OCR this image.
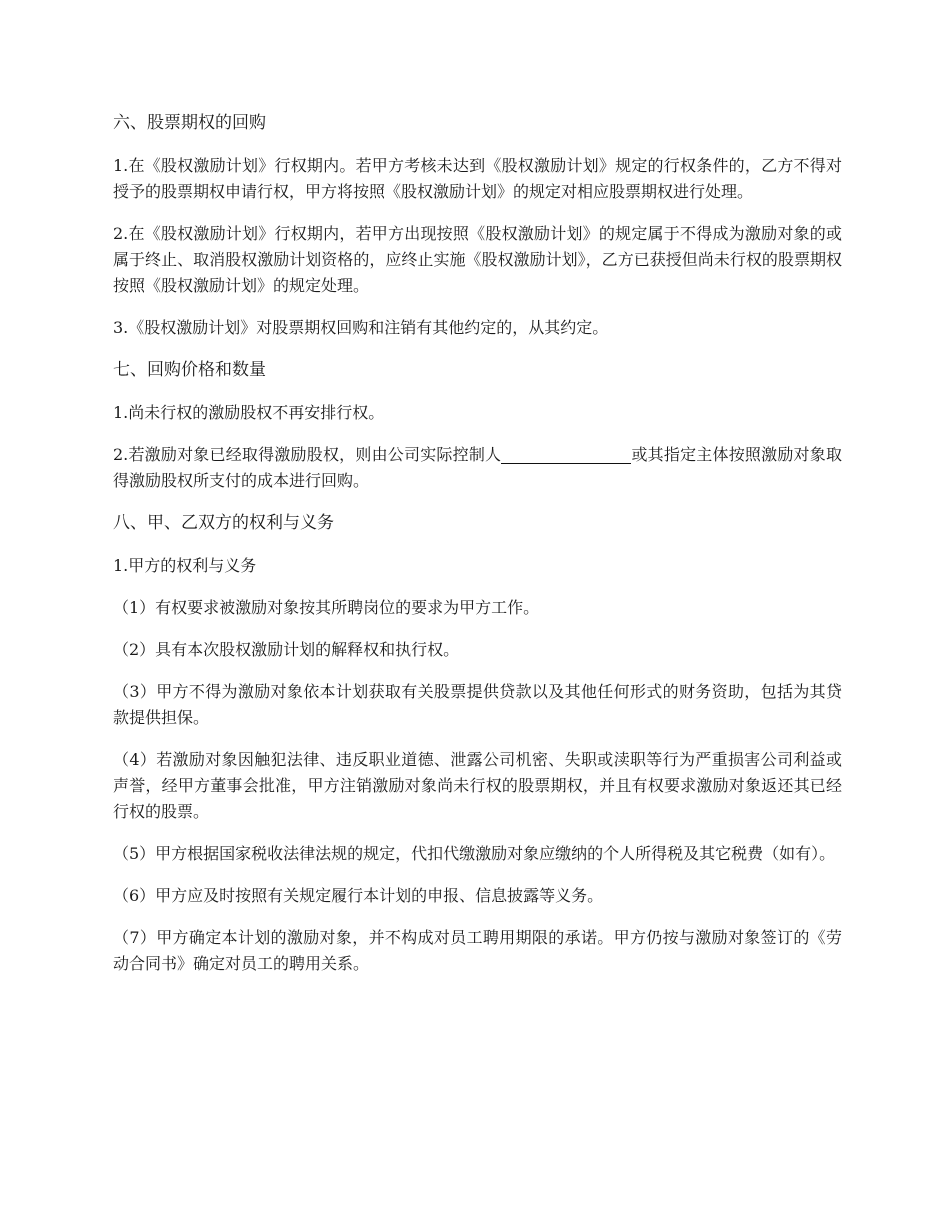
六、股票期权的回购
1.在《股权激励计划》行权期内。若甲方考核未达到《股权激励计划》规定的行权条件的，乙方不得对授予的股票期权申请行权，甲方将按照《股权激励计划》的规定对相应股票期权进行处理。
2.在《股权激励计划》行权期内，若甲方出现按照《股权激励计划》的规定属于不得成为激励对象的或属于终止、取消股权激励计划资格的，应终止实施《股权激励计划》，乙方已获授但尚未行权的股票期权按照《股权激励计划》的规定处理。
3.《股权激励计划》对股票期权回购和注销有其他约定的，从其约定。
七、回购价格和数量
1.尚未行权的激励股权不再安排行权。
2.若激励对象已经取得激励股权，则由公司实际控制人	或其指定主体按照激励对象取得激励股权所支付的成本进行回购。
八、甲、乙双方的权利与义务
1.甲方的权利与义务
（1）有权要求被激励对象按其所聘岗位的要求为甲方工作。
（2）具有本次股权激励计划的解释权和执行权。
（3）甲方不得为激励对象依本计划获取有关股票提供贷款以及其他任何形式的财务资助，包括为其贷款提供担保。
（4）若激励对象因触犯法律、违反职业道德、泄露公司机密、失职或渎职等行为严重损害公司利益或声誉，经甲方董事会批准，甲方注销激励对象尚未行权的股票期权，并且有权要求激励对象返还其已经行权的股票。
（5）甲方根据国家税收法律法规的规定，代扣代缴激励对象应缴纳的个人所得税及其它税费（如有）。
（6）甲方应及时按照有关规定履行本计划的申报、信息披露等义务。
（7）甲方确定本计划的激励对象，并不构成对员工聘用期限的承诺。甲方仍按与激励对象签订的《劳动合同书》确定对员工的聘用关系。
